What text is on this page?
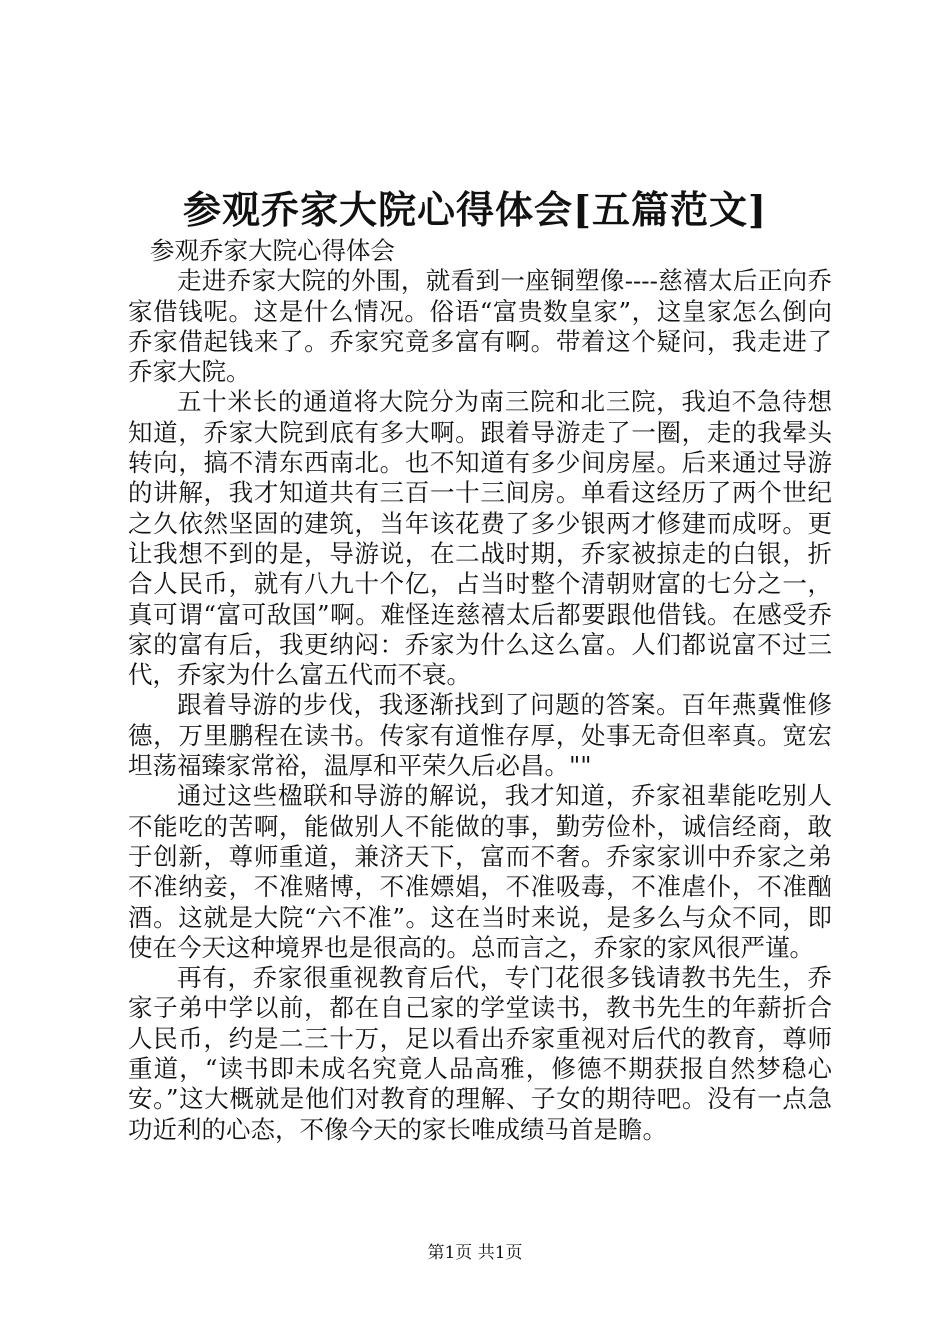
参观乔家大院心得体会[五篇范文]

参观乔家大院心得体会

走进乔家大院的外围，就看到一座铜塑像----慈禧太后正向乔家借钱呢。这是什么情况。俗语“富贵数皇家”，这皇家怎么倒向乔家借起钱来了。乔家究竟多富有啊。带着这个疑问，我走进了乔家大院。

五十米长的通道将大院分为南三院和北三院，我迫不急待想知道，乔家大院到底有多大啊。跟着导游走了一圈，走的我晕头转向，搞不清东西南北。也不知道有多少间房屋。后来通过导游的讲解，我才知道共有三百一十三间房。单看这经历了两个世纪之久依然坚固的建筑，当年该花费了多少银两才修建而成呀。更让我想不到的是，导游说，在二战时期，乔家被掠走的白银，折合人民币，就有八九十个亿，占当时整个清朝财富的七分之一，真可谓“富可敌国”啊。难怪连慈禧太后都要跟他借钱。在感受乔家的富有后，我更纳闷：乔家为什么这么富。人们都说富不过三代，乔家为什么富五代而不衰。

跟着导游的步伐，我逐渐找到了问题的答案。百年燕冀惟修德，万里鹏程在读书。传家有道惟存厚，处事无奇但率真。宽宏坦荡福臻家常裕，温厚和平荣久后必昌。""

通过这些楹联和导游的解说，我才知道，乔家祖辈能吃别人不能吃的苦啊，能做别人不能做的事，勤劳俭朴，诚信经商，敢于创新，尊师重道，兼济天下，富而不奢。乔家家训中乔家之弟不准纳妾，不准赌博，不准嫖娼，不准吸毒，不准虐仆，不准酗酒。这就是大院“六不准”。这在当时来说，是多么与众不同，即使在今天这种境界也是很高的。总而言之，乔家的家风很严谨。

再有，乔家很重视教育后代，专门花很多钱请教书先生，乔家子弟中学以前，都在自己家的学堂读书，教书先生的年薪折合人民币，约是二三十万，足以看出乔家重视对后代的教育，尊师重道，“读书即未成名究竟人品高雅，修德不期获报自然梦稳心安。”这大概就是他们对教育的理解、子女的期待吧。没有一点急功近利的心态，不像今天的家长唯成绩马首是瞻。

第1页 共1页
